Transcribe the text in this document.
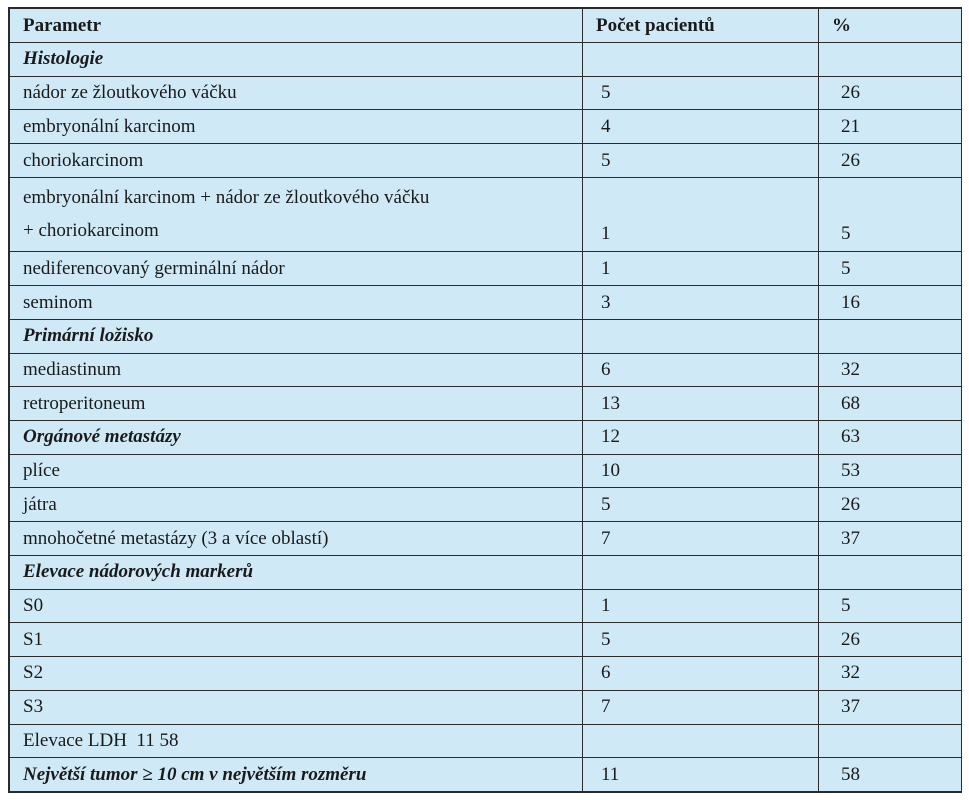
Parametr	Počet pacientů	%
Histologie		
nádor ze žloutkového váčku	5	26
embryonální karcinom	4	21
choriokarcinom	5	26

embryonální karcinom + nádor ze žloutkového váčku
+ choriokarcinom	1	5
nediferencovaný germinální nádor	1	5
seminom	3	16
Primární ložisko		
mediastinum	6	32
retroperitoneum	13	68
Orgánové metastázy	12	63
plíce	10	53
játra	5	26
mnohočetné metastázy (3 a více oblastí)	7	37
Elevace nádorových markerů		
S0	1	5
S1	5	26
S2	6	32
S3	7	37
Elevace LDH  11 58		
Největší tumor ≥ 10 cm v největším rozměru	11	58
